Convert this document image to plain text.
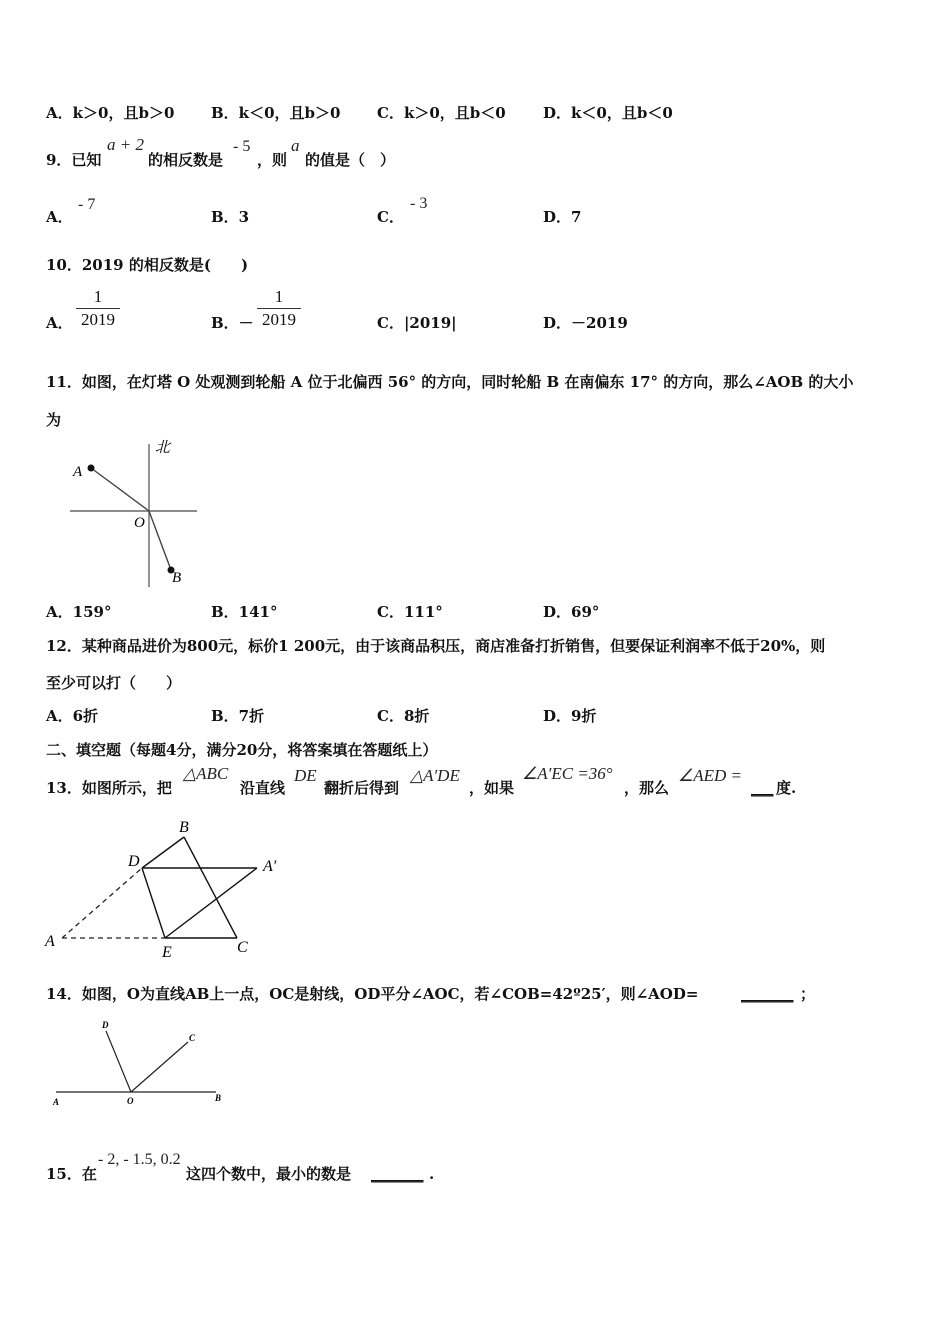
A．k＞0，且b＞0 B．k＜0，且b＞0 C．k＞0，且b＜0 D．k＜0，且b＜0
9．已知
a + 2
的相反数是
- 5
，则
a
的值是（　）
A．
- 7
B．3	C．
- 3
D．7
10．2019 的相反数是(　　)
A．
1
2019	B．－
1
2019	C．|2019|	D．－2019
11．如图，在灯塔 O 处观测到轮船 A 位于北偏西 56° 的方向，同时轮船 B 在南偏东 17° 的方向，那么∠AOB 的大小
为
北
A
O
B
A．159°	B．141°	C．111°	D．69°
12．某种商品进价为800元，标价1 200元，由于该商品积压，商店准备打折销售，但要保证利润率不低于20%，则
至少可以打（　　）
A．6折	B．7折	C．8折	D．9折
二、填空题（每题4分，满分20分，将答案填在答题纸上）
13．如图所示，把
△ABC
沿直线
DE
翻折后得到
△A′DE
，如果
∠A′EC =36°
，那么
∠AED =
___ 度.
B
D	A′
A
E	C
14．如图，O为直线AB上一点，OC是射线，OD平分∠AOC，若∠COB=42º25′，则∠AOD=	_______ ；
D
C
A	O	B
15．在
- 2, - 1.5, 0.2
这四个数中，最小的数是 _______ .
